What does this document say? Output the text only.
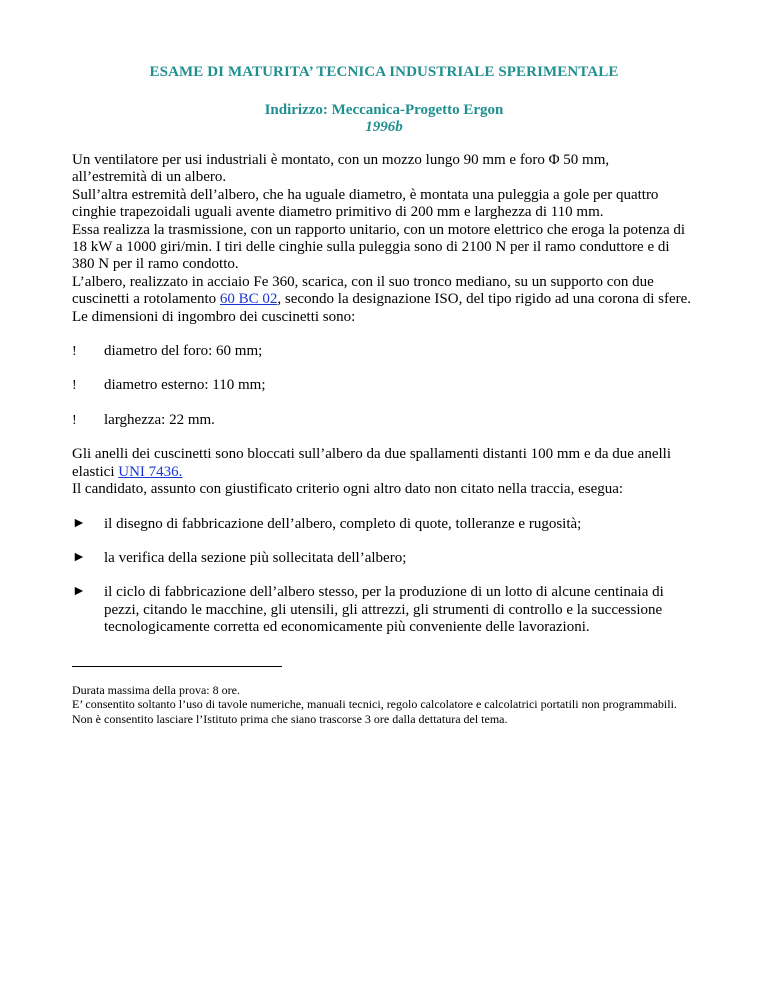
ESAME DI MATURITA’ TECNICA INDUSTRIALE SPERIMENTALE
Indirizzo: Meccanica-Progetto Ergon
1996b

Un ventilatore per usi industriali è montato, con un mozzo lungo 90 mm e foro Φ 50 mm,

all’estremità di un albero.

Sull’altra estremità dell’albero, che ha uguale diametro, è montata una puleggia a gole per quattro cinghie trapezoidali uguali avente diametro primitivo di 200 mm e larghezza di 110 mm.

Essa realizza la trasmissione, con un rapporto unitario, con un motore elettrico che eroga la potenza di 18 kW a 1000 giri/min. I tiri delle cinghie sulla puleggia sono di 2100 N per il ramo conduttore e di 380 N per il ramo condotto.

L’albero, realizzato in acciaio Fe 360, scarica, con il suo tronco mediano, su un supporto con due cuscinetti a rotolamento 60 BC 02, secondo la designazione ISO, del tipo rigido ad una corona di sfere.

Le dimensioni di ingombro dei cuscinetti sono:

!	diametro del foro: 60 mm;
!	diametro esterno: 110 mm;
!	larghezza: 22 mm.

Gli anelli dei cuscinetti sono bloccati sull’albero da due spallamenti distanti 100 mm e da due anelli elastici UNI 7436.

Il candidato, assunto con giustificato criterio ogni altro dato non citato nella traccia, esegua:

►	il disegno di fabbricazione dell’albero, completo di quote, tolleranze e rugosità;
►	la verifica della sezione più sollecitata dell’albero;
►	il ciclo di fabbricazione dell’albero stesso, per la produzione di un lotto di alcune centinaia di pezzi, citando le macchine, gli utensili, gli attrezzi, gli strumenti di controllo e la successione tecnologicamente corretta ed economicamente più conveniente delle lavorazioni.

Durata massima della prova: 8 ore.

E’ consentito soltanto l’uso di tavole numeriche, manuali tecnici, regolo calcolatore e calcolatrici portatili non programmabili.

Non è consentito lasciare l’Istituto prima che siano trascorse 3 ore dalla dettatura del tema.
